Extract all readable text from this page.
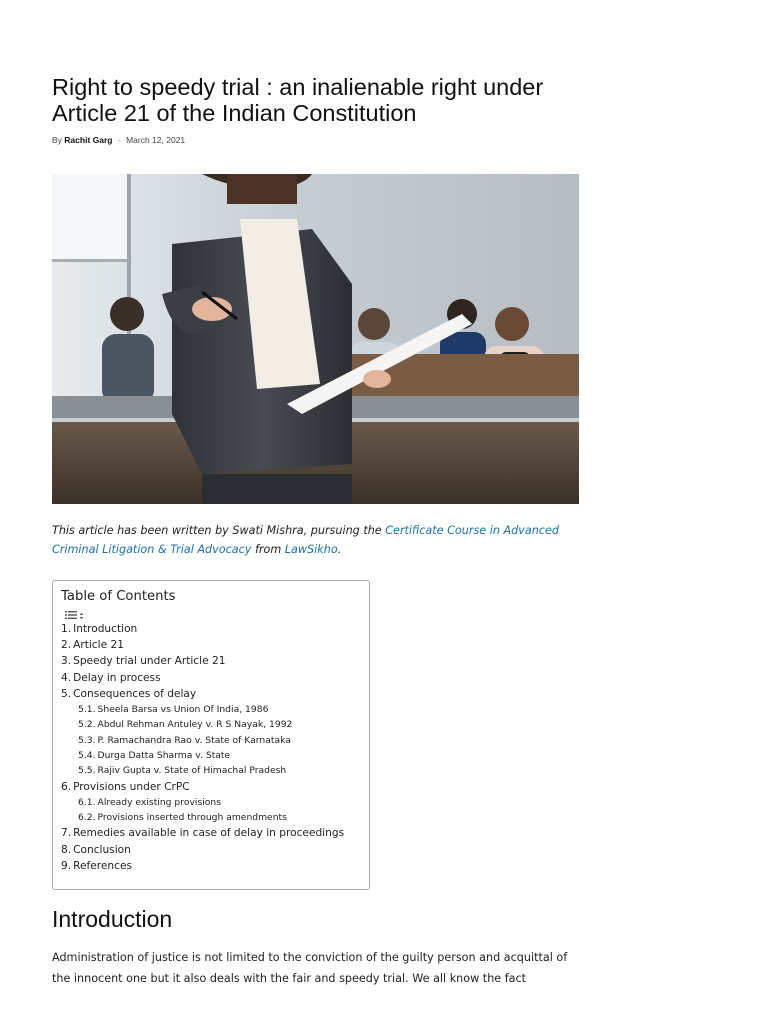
Right to speedy trial : an inalienable right under Article 21 of the Indian Constitution
By Rachit Garg - March 12, 2021

This article has been written by Swati Mishra, pursuing the Certificate Course in Advanced Criminal Litigation & Trial Advocacy from LawSikho.

Table of Contents

1. Introduction
2. Article 21
3. Speedy trial under Article 21
4. Delay in process
5. Consequences of delay
5.1. Sheela Barsa vs Union Of India, 1986
5.2. Abdul Rehman Antuley v. R S Nayak, 1992
5.3. P. Ramachandra Rao v. State of Karnataka
5.4. Durga Datta Sharma v. State
5.5. Rajiv Gupta v. State of Himachal Pradesh
6. Provisions under CrPC
6.1. Already existing provisions
6.2. Provisions inserted through amendments
7. Remedies available in case of delay in proceedings
8. Conclusion
9. References
Introduction

Administration of justice is not limited to the conviction of the guilty person and acquittal of the innocent one but it also deals with the fair and speedy trial. We all know the fact
